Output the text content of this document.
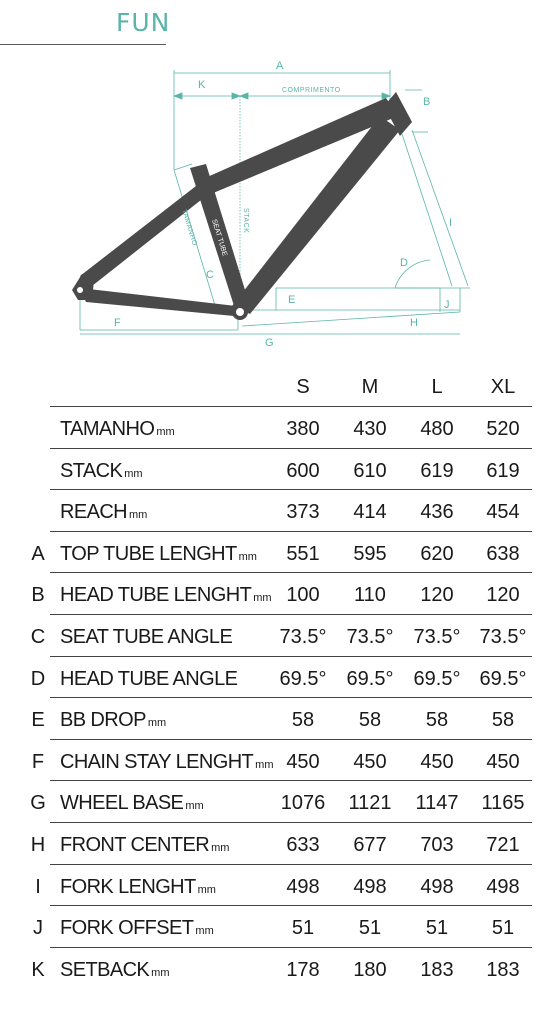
FUN
SEAT TUBE
A
K	COMPRIMENTO
B
STACK
TAMANHO
C
I
D
E	J
F	H
G
S	M	L	XL
TAMANHO mm	380	430	480	520
STACK mm	600	610	619	619
REACH mm	373	414	436	454
A TOP TUBE LENGHT mm	551	595	620	638
B HEAD TUBE LENGHT mm 100	110	120	120
C SEAT TUBE ANGLE	73.5°	73.5°	73.5° 73.5°
D HEAD TUBE ANGLE	69.5°	69.5°	69.5° 69.5°
E BB DROP mm	58	58	58	58
F CHAIN STAY LENGHT mm 450	450	450	450
G WHEEL BASE mm	1076	1121	1147	1165
H FRONT CENTER mm	633	677	703	721
I FORK LENGHT mm	498	498	498	498
J FORK OFFSET mm	51	51	51	51
K SETBACK mm	178	180	183	183
